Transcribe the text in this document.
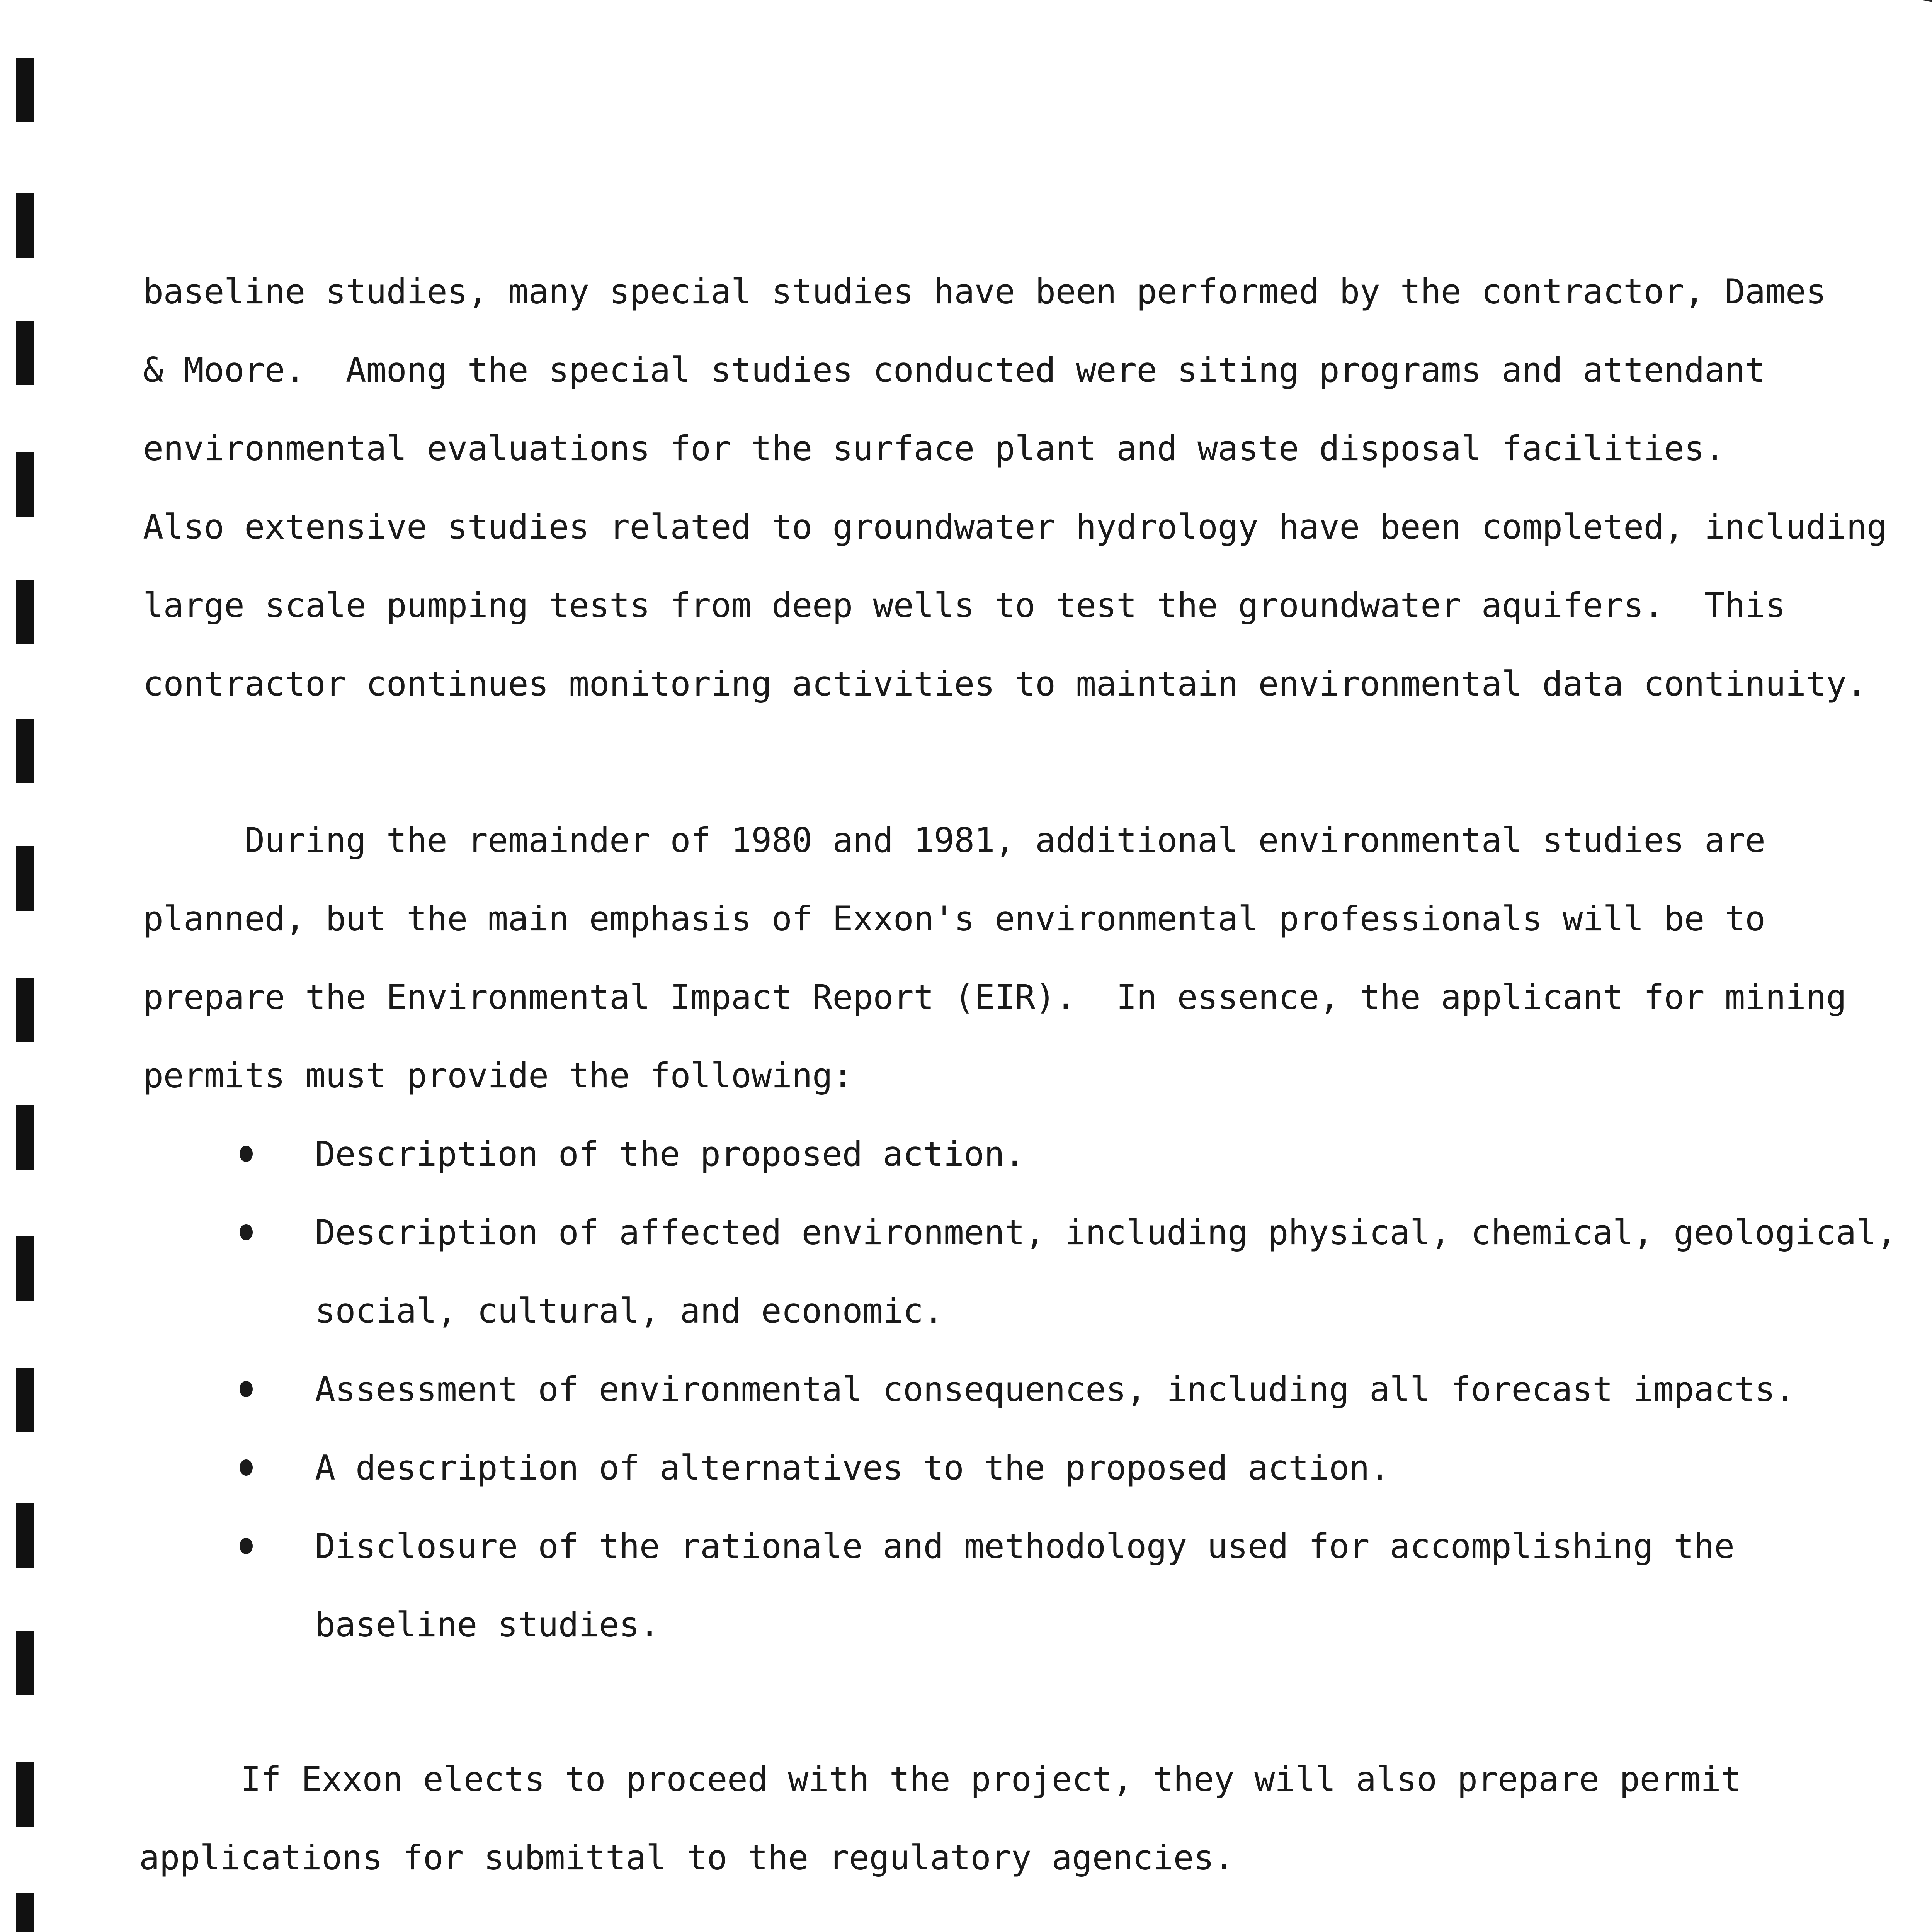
baseline studies, many special studies have been performed by the contractor, Dames

& Moore.  Among the special studies conducted were siting programs and attendant

environmental evaluations for the surface plant and waste disposal facilities.

Also extensive studies related to groundwater hydrology have been completed, including

large scale pumping tests from deep wells to test the groundwater aquifers.  This

contractor continues monitoring activities to maintain environmental data continuity.

During the remainder of 1980 and 1981, additional environmental studies are

planned, but the main emphasis of Exxon's environmental professionals will be to

prepare the Environmental Impact Report (EIR).  In essence, the applicant for mining

permits must provide the following:

Description of the proposed action.
Description of affected environment, including physical, chemical, geological,
social, cultural, and economic.
Assessment of environmental consequences, including all forecast impacts.
A description of alternatives to the proposed action.
Disclosure of the rationale and methodology used for accomplishing the
baseline studies.

If Exxon elects to proceed with the project, they will also prepare permit

applications for submittal to the regulatory agencies.
